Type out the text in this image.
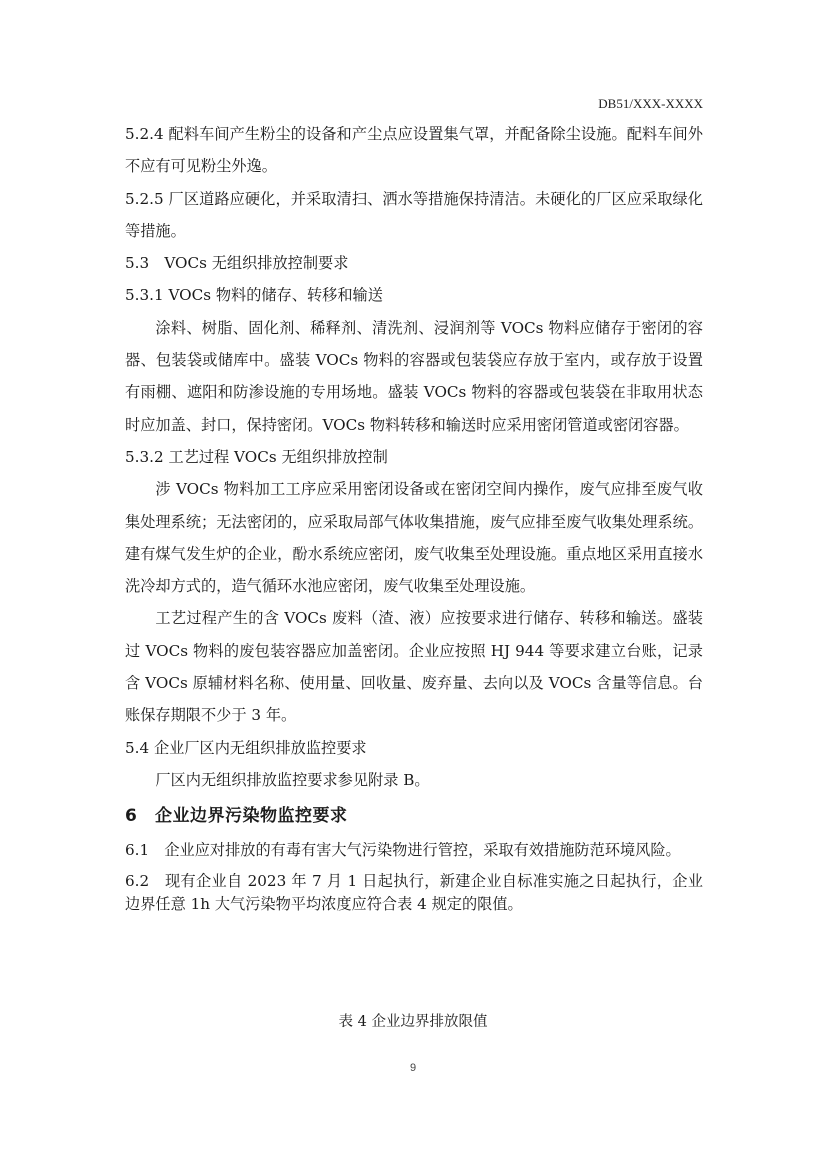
DB51/XXX-XXXX

5.2.4 配料车间产生粉尘的设备和产尘点应设置集气罩，并配备除尘设施。配料车间外不应有可见粉尘外逸。

5.2.5 厂区道路应硬化，并采取清扫、洒水等措施保持清洁。未硬化的厂区应采取绿化等措施。

5.3　VOCs 无组织排放控制要求

5.3.1 VOCs 物料的储存、转移和输送

涂料、树脂、固化剂、稀释剂、清洗剂、浸润剂等 VOCs 物料应储存于密闭的容器、包装袋或储库中。盛装 VOCs 物料的容器或包装袋应存放于室内，或存放于设置有雨棚、遮阳和防渗设施的专用场地。盛装 VOCs 物料的容器或包装袋在非取用状态时应加盖、封口，保持密闭。VOCs 物料转移和输送时应采用密闭管道或密闭容器。

5.3.2 工艺过程 VOCs 无组织排放控制

涉 VOCs 物料加工工序应采用密闭设备或在密闭空间内操作，废气应排至废气收集处理系统；无法密闭的，应采取局部气体收集措施，废气应排至废气收集处理系统。建有煤气发生炉的企业，酚水系统应密闭，废气收集至处理设施。重点地区采用直接水洗冷却方式的，造气循环水池应密闭，废气收集至处理设施。

工艺过程产生的含 VOCs 废料（渣、液）应按要求进行储存、转移和输送。盛装过 VOCs 物料的废包装容器应加盖密闭。企业应按照 HJ 944 等要求建立台账，记录含 VOCs 原辅材料名称、使用量、回收量、废弃量、去向以及 VOCs 含量等信息。台账保存期限不少于 3 年。

5.4 企业厂区内无组织排放监控要求

厂区内无组织排放监控要求参见附录 B。

6 企业边界污染物监控要求

6.1　企业应对排放的有毒有害大气污染物进行管控，采取有效措施防范环境风险。

6.2　现有企业自 2023 年 7 月 1 日起执行，新建企业自标准实施之日起执行，企业边界任意 1h 大气污染物平均浓度应符合表 4 规定的限值。

表 4 企业边界排放限值
9
